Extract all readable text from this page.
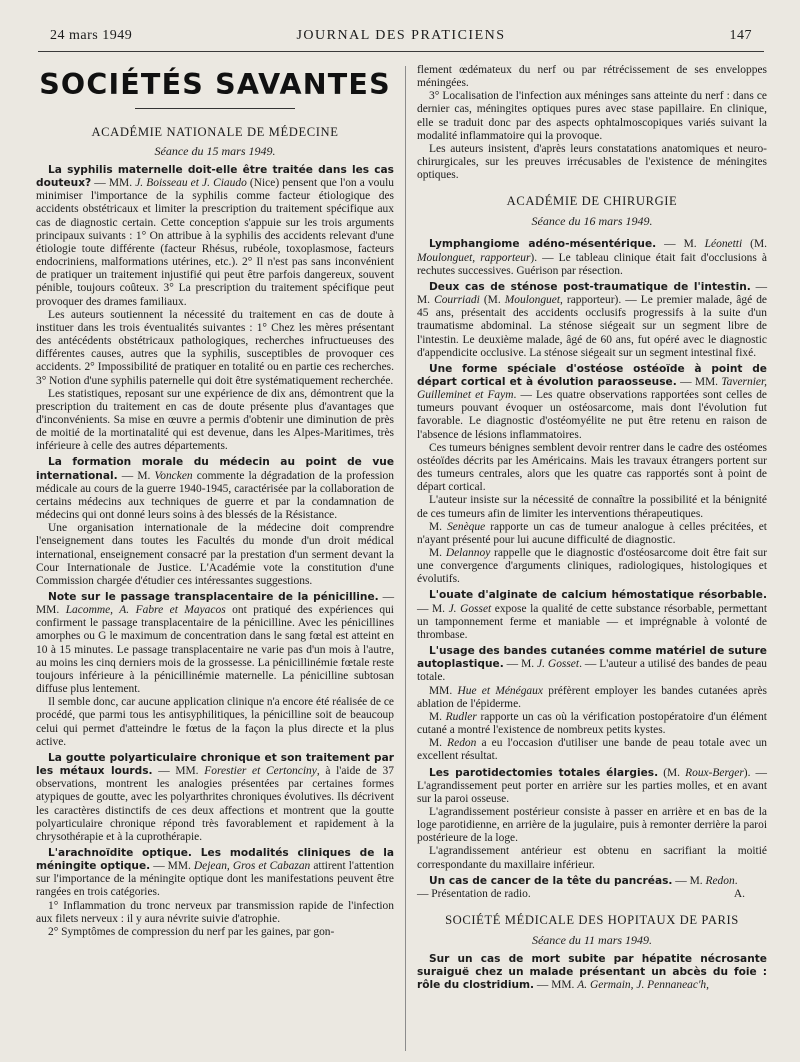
24 mars 1949	JOURNAL DES PRATICIENS	147
SOCIÉTÉS SAVANTES
ACADÉMIE NATIONALE DE MÉDECINE
Séance du 15 mars 1949.

La syphilis maternelle doit-elle être traitée dans les cas douteux? — MM. J. Boisseau et J. Ciaudo (Nice) pensent que l'on a voulu minimiser l'importance de la syphilis comme facteur étiologique des accidents obstétricaux et limiter la prescription du traitement spécifique aux cas de diagnostic certain. Cette conception s'appuie sur les trois arguments principaux suivants : 1° On attribue à la syphilis des accidents relevant d'une étiologie toute différente (facteur Rhésus, rubéole, toxoplasmose, facteurs endocriniens, malformations utérines, etc.). 2° Il n'est pas sans inconvénient de pratiquer un traitement injustifié qui peut être parfois dangereux, souvent pénible, toujours coûteux. 3° La prescription du traitement spécifique peut provoquer des drames familiaux.

Les auteurs soutiennent la nécessité du traitement en cas de doute à instituer dans les trois éventualités suivantes : 1° Chez les mères présentant des antécédents obstétricaux pathologiques, recherches infructueuses des différentes causes, autres que la syphilis, susceptibles de provoquer ces accidents. 2° Impossibilité de pratiquer en totalité ou en partie ces recherches. 3° Notion d'une syphilis paternelle qui doit être systématiquement recherchée.

Les statistiques, reposant sur une expérience de dix ans, démontrent que la prescription du traitement en cas de doute présente plus d'avantages que d'inconvénients. Sa mise en œuvre a permis d'obtenir une diminution de près de moitié de la mortinatalité qui est devenue, dans les Alpes-Maritimes, très inférieure à celle des autres départements.

La formation morale du médecin au point de vue international. — M. Voncken commente la dégradation de la profession médicale au cours de la guerre 1940-1945, caractérisée par la collaboration de certains médecins aux techniques de guerre et par la condamnation de médecins qui ont donné leurs soins à des blessés de la Résistance.

Une organisation internationale de la médecine doit comprendre l'enseignement dans toutes les Facultés du monde d'un droit médical international, enseignement consacré par la prestation d'un serment devant la Cour Internationale de Justice. L'Académie vote la constitution d'une Commission chargée d'étudier ces intéressantes suggestions.

Note sur le passage transplacentaire de la pénicilline. — MM. Lacomme, A. Fabre et Mayacos ont pratiqué des expériences qui confirment le passage transplacentaire de la pénicilline. Avec les pénicillines amorphes ou G le maximum de concentration dans le sang fœtal est atteint en 10 à 15 minutes. Le passage transplacentaire ne varie pas d'un mois à l'autre, au moins les cinq derniers mois de la grossesse. La pénicillinémie fœtale reste toujours inférieure à la pénicillinémie maternelle. La pénicilline subtosan diffuse plus lentement.

Il semble donc, car aucune application clinique n'a encore été réalisée de ce procédé, que parmi tous les antisyphilitiques, la pénicilline soit de beaucoup celui qui permet d'atteindre le fœtus de la façon la plus directe et la plus active.

La goutte polyarticulaire chronique et son traitement par les métaux lourds. — MM. Forestier et Certonciny, à l'aide de 37 observations, montrent les analogies présentées par certaines formes atypiques de goutte, avec les polyarthrites chroniques évolutives. Ils décrivent les caractères distinctifs de ces deux affections et montrent que la goutte polyarticulaire chronique répond très favorablement et rapidement à la chrysothérapie et à la cuprothérapie.

L'arachnoïdite optique. Les modalités cliniques de la méningite optique. — MM. Dejean, Gros et Cabazan attirent l'attention sur l'importance de la méningite optique dont les manifestations peuvent être rangées en trois catégories.

1° Inflammation du tronc nerveux par transmission rapide de l'infection aux filets nerveux : il y aura névrite suivie d'atrophie.

2° Symptômes de compression du nerf par les gaines, par gon-

flement œdémateux du nerf ou par rétrécissement de ses enveloppes méningées.

3° Localisation de l'infection aux méninges sans atteinte du nerf : dans ce dernier cas, méningites optiques pures avec stase papillaire. En clinique, elle se traduit donc par des aspects ophtalmoscopiques variés suivant la modalité inflammatoire qui la provoque.

Les auteurs insistent, d'après leurs constatations anatomiques et neuro-chirurgicales, sur les preuves irrécusables de l'existence de méningites optiques.

ACADÉMIE DE CHIRURGIE
Séance du 16 mars 1949.

Lymphangiome adéno-mésentérique. — M. Léonetti (M. Moulonguet, rapporteur). — Le tableau clinique était fait d'occlusions à rechutes successives. Guérison par résection.

Deux cas de sténose post-traumatique de l'intestin. — M. Courriadi (M. Moulonguet, rapporteur). — Le premier malade, âgé de 45 ans, présentait des accidents occlusifs progressifs à la suite d'un traumatisme abdominal. La sténose siégeait sur un segment libre de l'intestin. Le deuxième malade, âgé de 60 ans, fut opéré avec le diagnostic d'appendicite occlusive. La sténose siégeait sur un segment intestinal fixé.

Une forme spéciale d'ostéose ostéoïde à point de départ cortical et à évolution paraosseuse. — MM. Tavernier, Guilleminet et Faym. — Les quatre observations rapportées sont celles de tumeurs pouvant évoquer un ostéosarcome, mais dont l'évolution fut favorable. Le diagnostic d'ostéomyélite ne put être retenu en raison de l'absence de lésions inflammatoires.

Ces tumeurs bénignes semblent devoir rentrer dans le cadre des ostéomes ostéoïdes décrits par les Américains. Mais les travaux étrangers portent sur des tumeurs centrales, alors que les quatre cas rapportés sont à point de départ cortical.

L'auteur insiste sur la nécessité de connaître la possibilité et la bénignité de ces tumeurs afin de limiter les interventions thérapeutiques.

M. Senèque rapporte un cas de tumeur analogue à celles précitées, et n'ayant présenté pour lui aucune difficulté de diagnostic.

M. Delannoy rappelle que le diagnostic d'ostéosarcome doit être fait sur une convergence d'arguments cliniques, radiologiques, histologiques et évolutifs.

L'ouate d'alginate de calcium hémostatique résorbable. — M. J. Gosset expose la qualité de cette substance résorbable, permettant un tamponnement ferme et maniable — et imprégnable à volonté de thrombase.

L'usage des bandes cutanées comme matériel de suture autoplastique. — M. J. Gosset. — L'auteur a utilisé des bandes de peau totale.

MM. Hue et Ménégaux préfèrent employer les bandes cutanées après ablation de l'épiderme.

M. Rudler rapporte un cas où la vérification postopératoire d'un élément cutané a montré l'existence de nombreux petits kystes.

M. Redon a eu l'occasion d'utiliser une bande de peau totale avec un excellent résultat.

Les parotidectomies totales élargies. (M. Roux-Berger). — L'agrandissement peut porter en arrière sur les parties molles, et en avant sur la paroi osseuse.

L'agrandissement postérieur consiste à passer en arrière et en bas de la loge parotidienne, en arrière de la jugulaire, puis à remonter derrière la paroi postérieure de la loge.

L'agrandissement antérieur est obtenu en sacrifiant la moitié correspondante du maxillaire inférieur.

Un cas de cancer de la tête du pancréas. — M. Redon.

— Présentation de radio.	A.

SOCIÉTÉ MÉDICALE DES HOPITAUX DE PARIS
Séance du 11 mars 1949.

Sur un cas de mort subite par hépatite nécrosante suraiguë chez un malade présentant un abcès du foie : rôle du clostridium. — MM. A. Germain, J. Pennaneac'h,
